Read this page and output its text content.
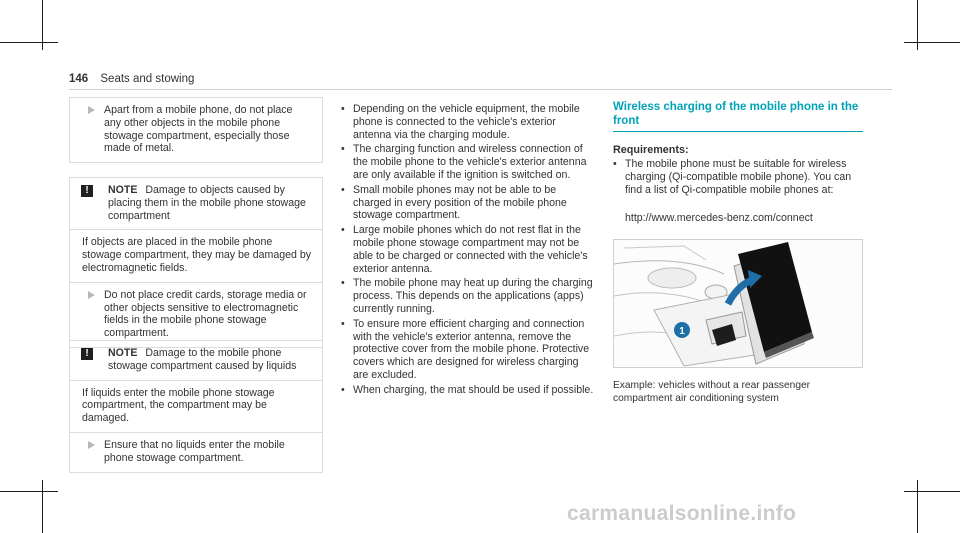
146 Seats and stowing
Apart from a mobile phone, do not place any other objects in the mobile phone stowage compartment, especially those made of metal.
!	NOTE Damage to objects caused by placing them in the mobile phone stowage compartment
If objects are placed in the mobile phone stowage compartment, they may be damaged by electromagnetic fields.
Do not place credit cards, storage media or other objects sensitive to electromagnetic fields in the mobile phone stowage compartment.
!	NOTE Damage to the mobile phone stowage compartment caused by liquids
If liquids enter the mobile phone stowage compartment, the compartment may be damaged.
Ensure that no liquids enter the mobile phone stowage compartment.
• Depending on the vehicle equipment, the mobile phone is connected to the vehicle's exterior antenna via the charging module.
• The charging function and wireless connection of the mobile phone to the vehicle's exterior antenna are only available if the ignition is switched on.
• Small mobile phones may not be able to be charged in every position of the mobile phone stowage compartment.
• Large mobile phones which do not rest flat in the mobile phone stowage compartment may not be able to be charged or connected with the vehicle's exterior antenna.
• The mobile phone may heat up during the charging process. This depends on the applications (apps) currently running.
• To ensure more efficient charging and connection with the vehicle's exterior antenna, remove the protective cover from the mobile phone. Protective covers which are designed for wireless charging are excluded.
• When charging, the mat should be used if possible.
Wireless charging of the mobile phone in the front
Requirements:
• The mobile phone must be suitable for wireless charging (Qi-compatible mobile phone). You can find a list of Qi-compatible mobile phones at:
http://www.mercedes-benz.com/connect
1
Example: vehicles without a rear passenger compartment air conditioning system
carmanualsonline.info
